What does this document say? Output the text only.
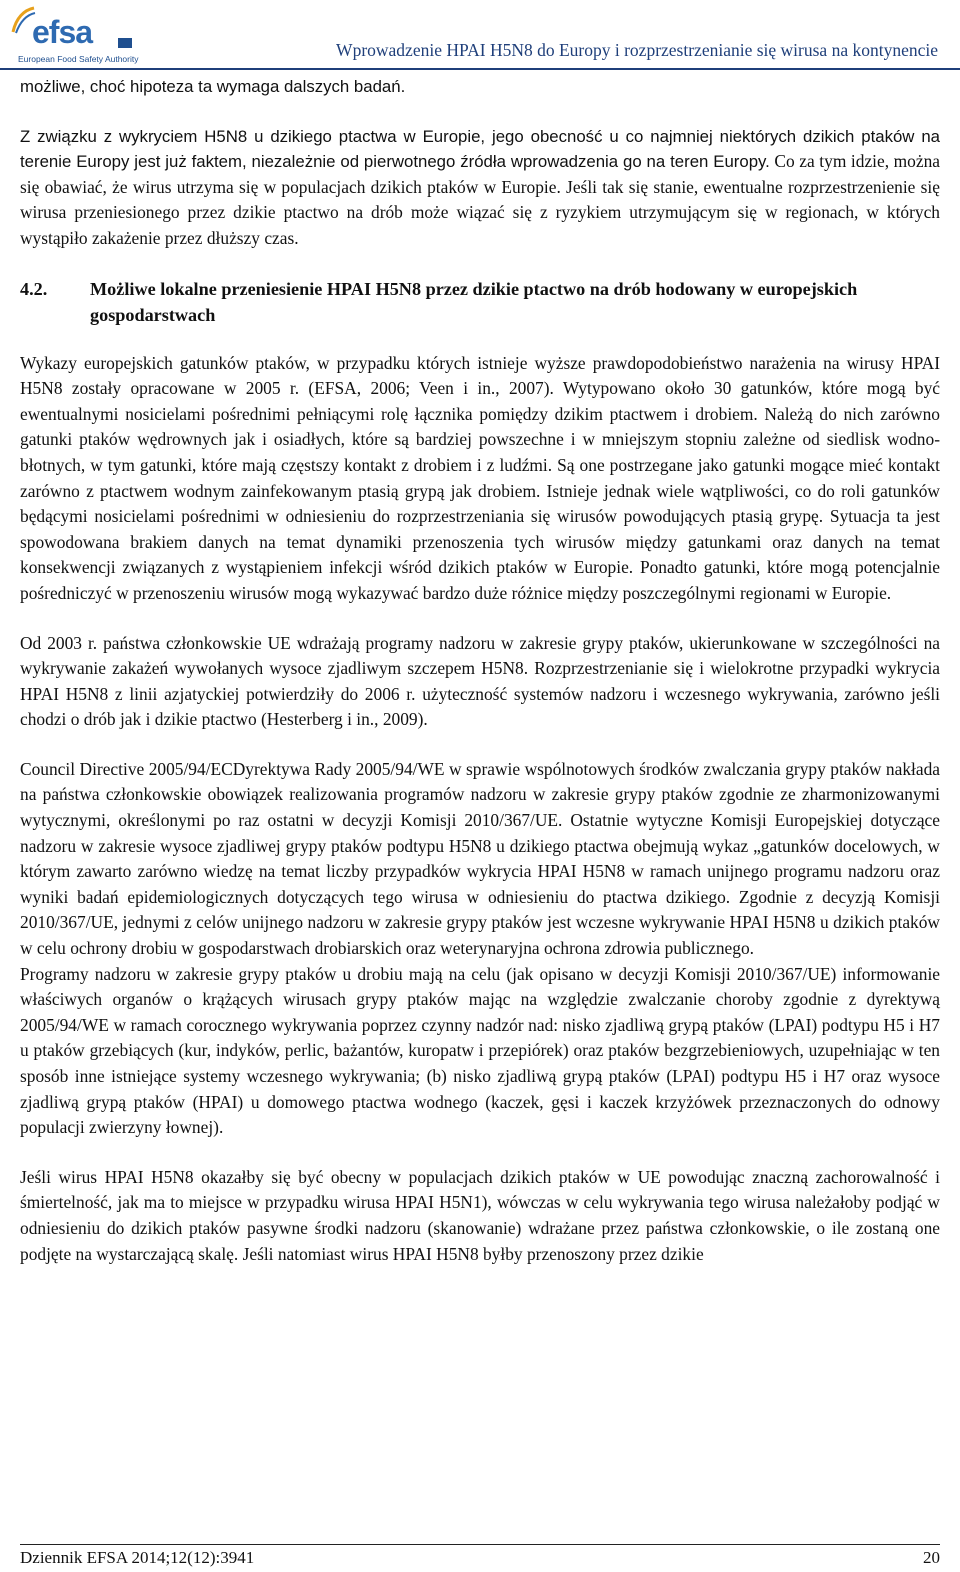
efsa
European Food Safety Authority	Wprowadzenie HPAI H5N8 do Europy i rozprzestrzenianie się wirusa na kontynencie

możliwe, choć hipoteza ta wymaga dalszych badań.

Z związku z wykryciem H5N8 u dzikiego ptactwa w Europie, jego obecność u co najmniej niektórych dzikich ptaków na terenie Europy jest już faktem, niezależnie od pierwotnego źródła wprowadzenia go na teren Europy. Co za tym idzie, można się obawiać, że wirus utrzyma się w populacjach dzikich ptaków w Europie. Jeśli tak się stanie, ewentualne rozprzestrzenienie się wirusa przeniesionego przez dzikie ptactwo na drób może wiązać się z ryzykiem utrzymującym się w regionach, w których wystąpiło zakażenie przez dłuższy czas.

4.2.	Możliwe lokalne przeniesienie HPAI H5N8 przez dzikie ptactwo na drób hodowany w europejskich gospodarstwach

Wykazy europejskich gatunków ptaków, w przypadku których istnieje wyższe prawdopodobieństwo narażenia na wirusy HPAI H5N8 zostały opracowane w 2005 r. (EFSA, 2006; Veen i in., 2007). Wytypowano około 30 gatunków, które mogą być ewentualnymi nosicielami pośrednimi pełniącymi rolę łącznika pomiędzy dzikim ptactwem i drobiem. Należą do nich zarówno gatunki ptaków wędrownych jak i osiadłych, które są bardziej powszechne i w mniejszym stopniu zależne od siedlisk wodno-błotnych, w tym gatunki, które mają częstszy kontakt z drobiem i z ludźmi. Są one postrzegane jako gatunki mogące mieć kontakt zarówno z ptactwem wodnym zainfekowanym ptasią grypą jak drobiem. Istnieje jednak wiele wątpliwości, co do roli gatunków będącymi nosicielami pośrednimi w odniesieniu do rozprzestrzeniania się wirusów powodujących ptasią grypę. Sytuacja ta jest spowodowana brakiem danych na temat dynamiki przenoszenia tych wirusów między gatunkami oraz danych na temat konsekwencji związanych z wystąpieniem infekcji wśród dzikich ptaków w Europie. Ponadto gatunki, które mogą potencjalnie pośredniczyć w przenoszeniu wirusów mogą wykazywać bardzo duże różnice między poszczególnymi regionami w Europie.

Od 2003 r. państwa członkowskie UE wdrażają programy nadzoru w zakresie grypy ptaków, ukierunkowane w szczególności na wykrywanie zakażeń wywołanych wysoce zjadliwym szczepem H5N8. Rozprzestrzenianie się i wielokrotne przypadki wykrycia HPAI H5N8 z linii azjatyckiej potwierdziły do 2006 r. użyteczność systemów nadzoru i wczesnego wykrywania, zarówno jeśli chodzi o drób jak i dzikie ptactwo (Hesterberg i in., 2009).

Council Directive 2005/94/ECDyrektywa Rady 2005/94/WE w sprawie wspólnotowych środków zwalczania grypy ptaków nakłada na państwa członkowskie obowiązek realizowania programów nadzoru w zakresie grypy ptaków zgodnie ze zharmonizowanymi wytycznymi, określonymi po raz ostatni w decyzji Komisji 2010/367/UE. Ostatnie wytyczne Komisji Europejskiej dotyczące nadzoru w zakresie wysoce zjadliwej grypy ptaków podtypu H5N8 u dzikiego ptactwa obejmują wykaz „gatunków docelowych, w którym zawarto zarówno wiedzę na temat liczby przypadków wykrycia HPAI H5N8 w ramach unijnego programu nadzoru oraz wyniki badań epidemiologicznych dotyczących tego wirusa w odniesieniu do ptactwa dzikiego. Zgodnie z decyzją Komisji 2010/367/UE, jednymi z celów unijnego nadzoru w zakresie grypy ptaków jest wczesne wykrywanie HPAI H5N8 u dzikich ptaków w celu ochrony drobiu w gospodarstwach drobiarskich oraz weterynaryjna ochrona zdrowia publicznego.

Programy nadzoru w zakresie grypy ptaków u drobiu mają na celu (jak opisano w decyzji Komisji 2010/367/UE) informowanie właściwych organów o krążących wirusach grypy ptaków mając na względzie zwalczanie choroby zgodnie z dyrektywą 2005/94/WE w ramach corocznego wykrywania poprzez czynny nadzór nad: nisko zjadliwą grypą ptaków (LPAI) podtypu H5 i H7 u ptaków grzebiących (kur, indyków, perlic, bażantów, kuropatw i przepiórek) oraz ptaków bezgrzebieniowych, uzupełniając w ten sposób inne istniejące systemy wczesnego wykrywania; (b) nisko zjadliwą grypą ptaków (LPAI) podtypu H5 i H7 oraz wysoce zjadliwą grypą ptaków (HPAI) u domowego ptactwa wodnego (kaczek, gęsi i kaczek krzyżówek przeznaczonych do odnowy populacji zwierzyny łownej).

Jeśli wirus HPAI H5N8 okazałby się być obecny w populacjach dzikich ptaków w UE powodując znaczną zachorowalność i śmiertelność, jak ma to miejsce w przypadku wirusa HPAI H5N1), wówczas w celu wykrywania tego wirusa należałoby podjąć w odniesieniu do dzikich ptaków pasywne środki nadzoru (skanowanie) wdrażane przez państwa członkowskie, o ile zostaną one podjęte na wystarczającą skalę. Jeśli natomiast wirus HPAI H5N8 byłby przenoszony przez dzikie

Dziennik EFSA 2014;12(12):3941	20
